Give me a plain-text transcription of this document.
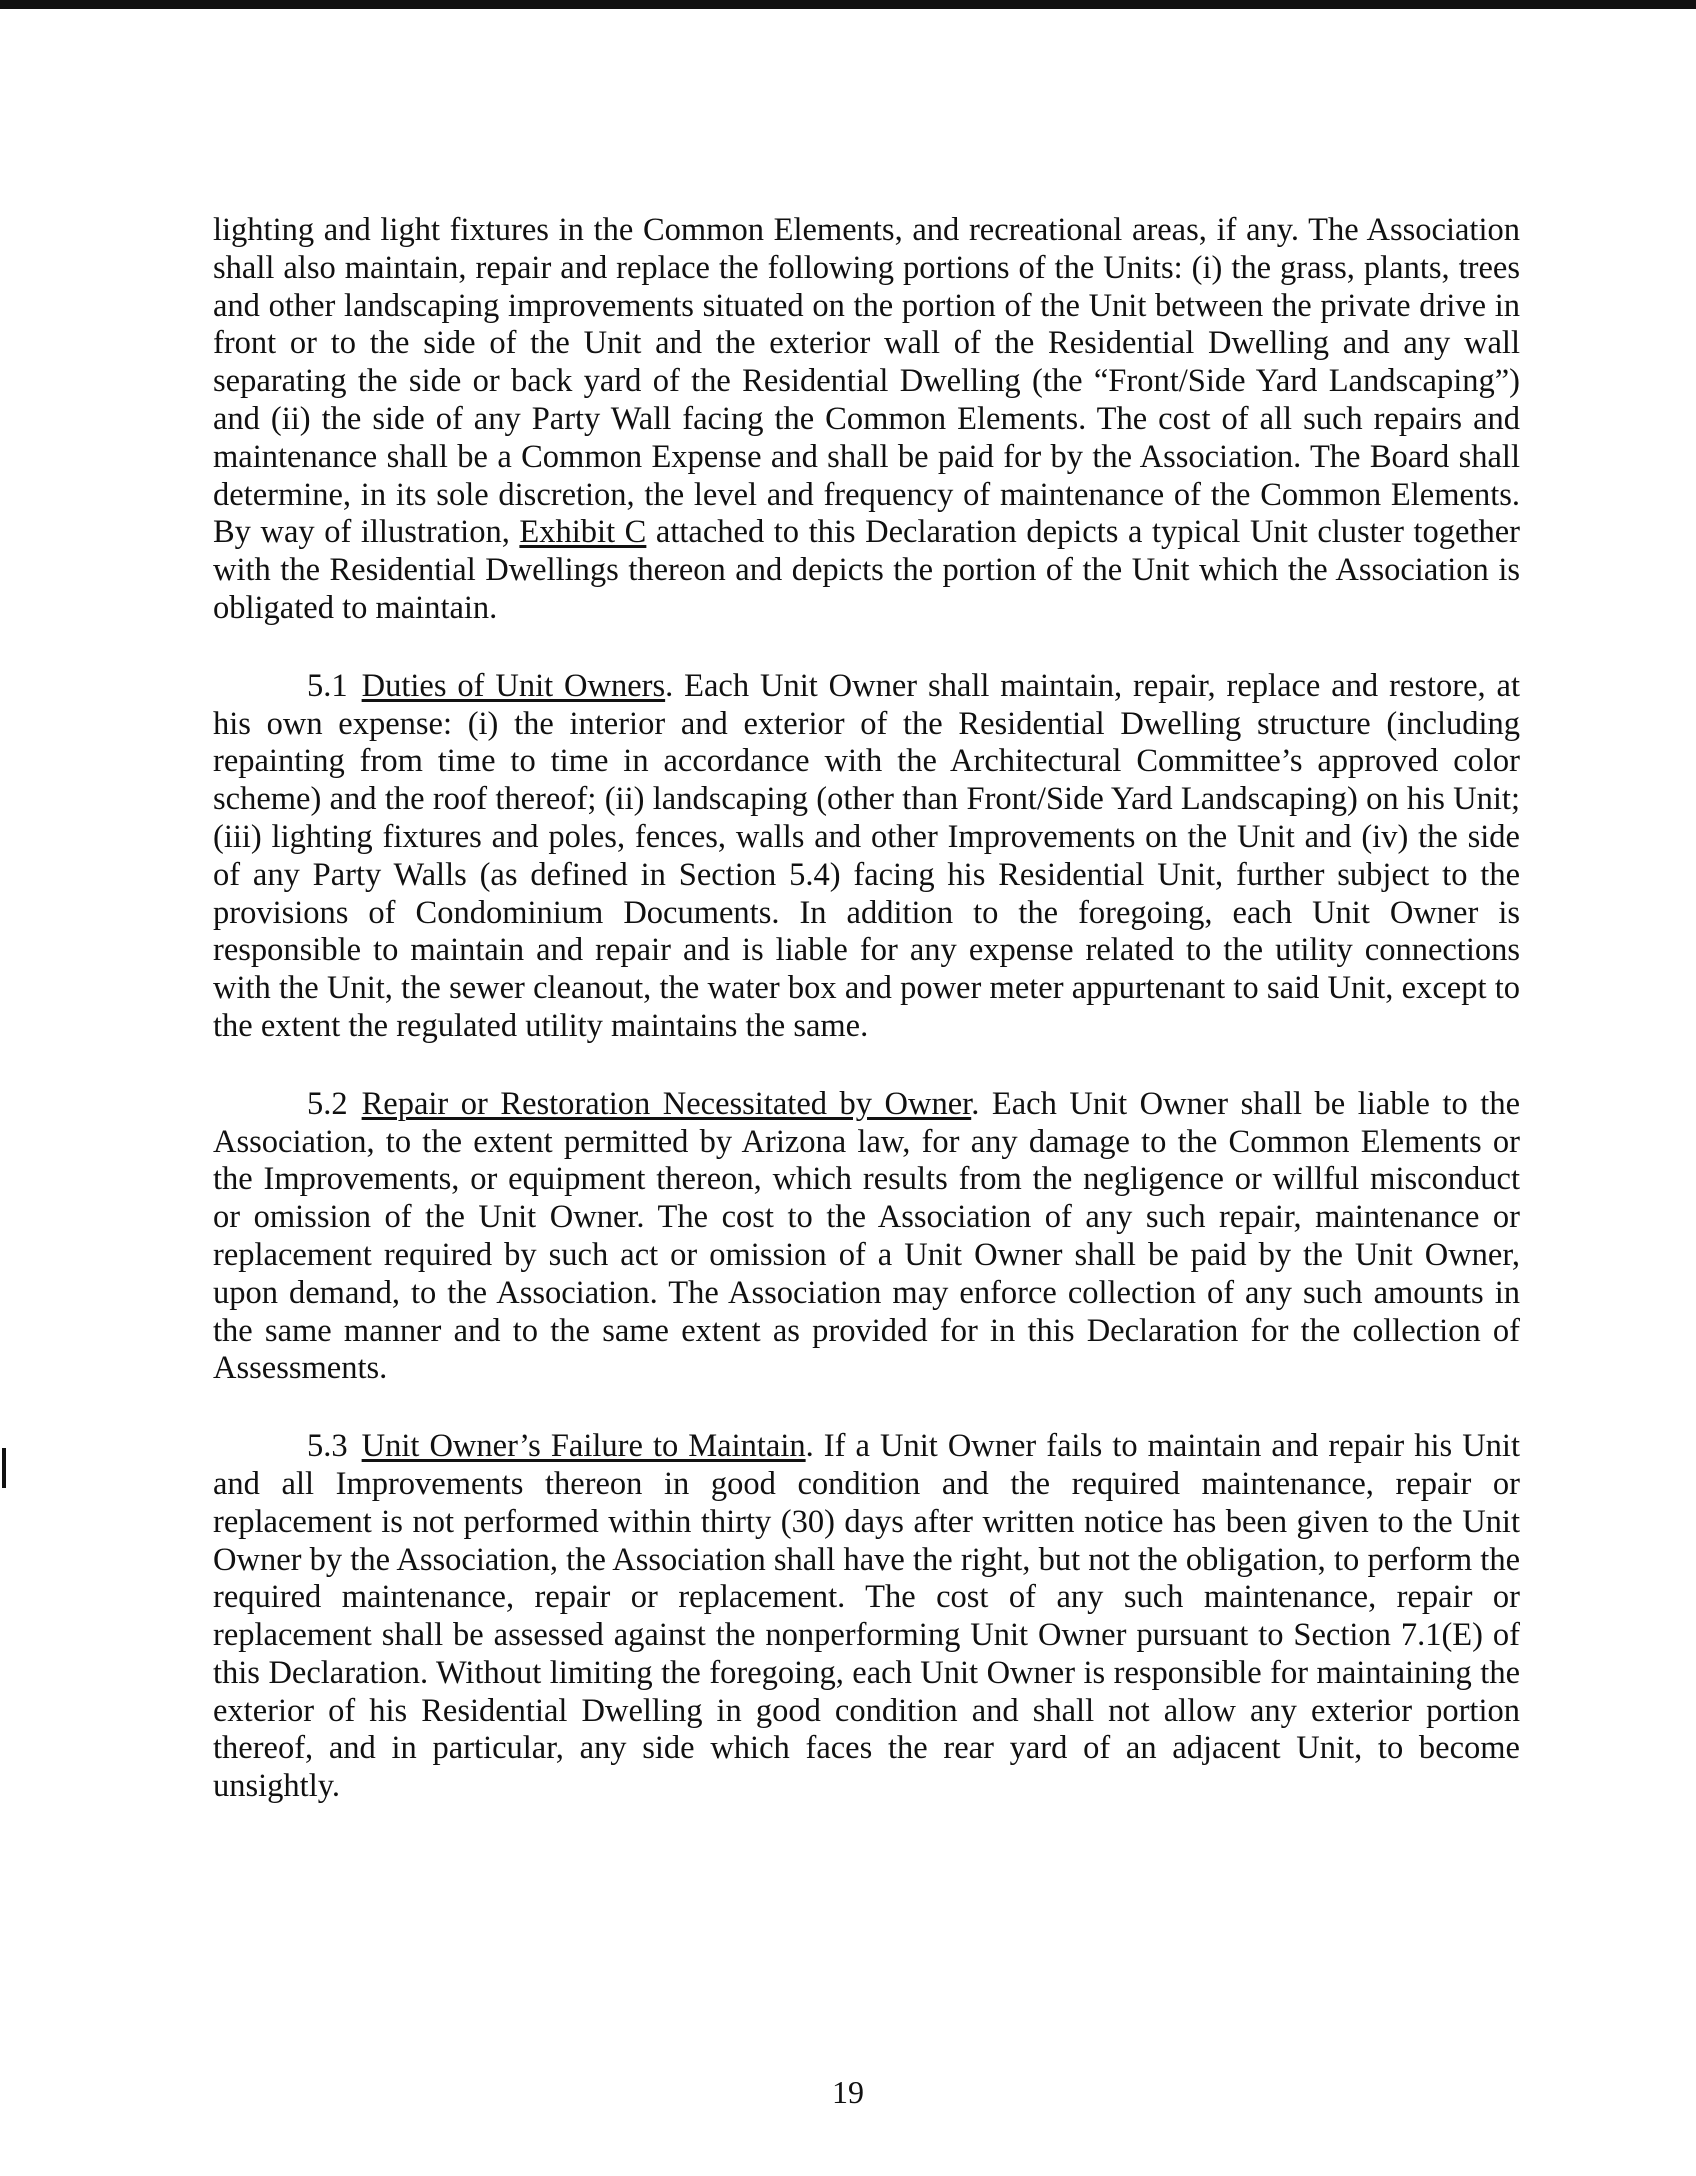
lighting and light fixtures in the Common Elements, and recreational areas, if any. The Association shall also maintain, repair and replace the following portions of the Units: (i) the grass, plants, trees and other landscaping improvements situated on the portion of the Unit between the private drive in front or to the side of the Unit and the exterior wall of the Residential Dwelling and any wall separating the side or back yard of the Residential Dwelling (the “Front/Side Yard Landscaping”) and (ii) the side of any Party Wall facing the Common Elements. The cost of all such repairs and maintenance shall be a Common Expense and shall be paid for by the Association. The Board shall determine, in its sole discretion, the level and frequency of maintenance of the Common Elements. By way of illustration, Exhibit C attached to this Declaration depicts a typical Unit cluster together with the Residential Dwellings thereon and depicts the portion of the Unit which the Association is obligated to maintain.

5.1 Duties of Unit Owners. Each Unit Owner shall maintain, repair, replace and restore, at his own expense: (i) the interior and exterior of the Residential Dwelling structure (including repainting from time to time in accordance with the Architectural Committee’s approved color scheme) and the roof thereof; (ii) landscaping (other than Front/Side Yard Landscaping) on his Unit; (iii) lighting fixtures and poles, fences, walls and other Improvements on the Unit and (iv) the side of any Party Walls (as defined in Section 5.4) facing his Residential Unit, further subject to the provisions of Condominium Documents. In addition to the foregoing, each Unit Owner is responsible to maintain and repair and is liable for any expense related to the utility connections with the Unit, the sewer cleanout, the water box and power meter appurtenant to said Unit, except to the extent the regulated utility maintains the same.

5.2 Repair or Restoration Necessitated by Owner. Each Unit Owner shall be liable to the Association, to the extent permitted by Arizona law, for any damage to the Common Elements or the Improvements, or equipment thereon, which results from the negligence or willful misconduct or omission of the Unit Owner. The cost to the Association of any such repair, maintenance or replacement required by such act or omission of a Unit Owner shall be paid by the Unit Owner, upon demand, to the Association. The Association may enforce collection of any such amounts in the same manner and to the same extent as provided for in this Declaration for the collection of Assessments.

5.3 Unit Owner’s Failure to Maintain. If a Unit Owner fails to maintain and repair his Unit and all Improvements thereon in good condition and the required maintenance, repair or replacement is not performed within thirty (30) days after written notice has been given to the Unit Owner by the Association, the Association shall have the right, but not the obligation, to perform the required maintenance, repair or replacement. The cost of any such maintenance, repair or replacement shall be assessed against the nonperforming Unit Owner pursuant to Section 7.1(E) of this Declaration. Without limiting the foregoing, each Unit Owner is responsible for maintaining the exterior of his Residential Dwelling in good condition and shall not allow any exterior portion thereof, and in particular, any side which faces the rear yard of an adjacent Unit, to become unsightly.

19
